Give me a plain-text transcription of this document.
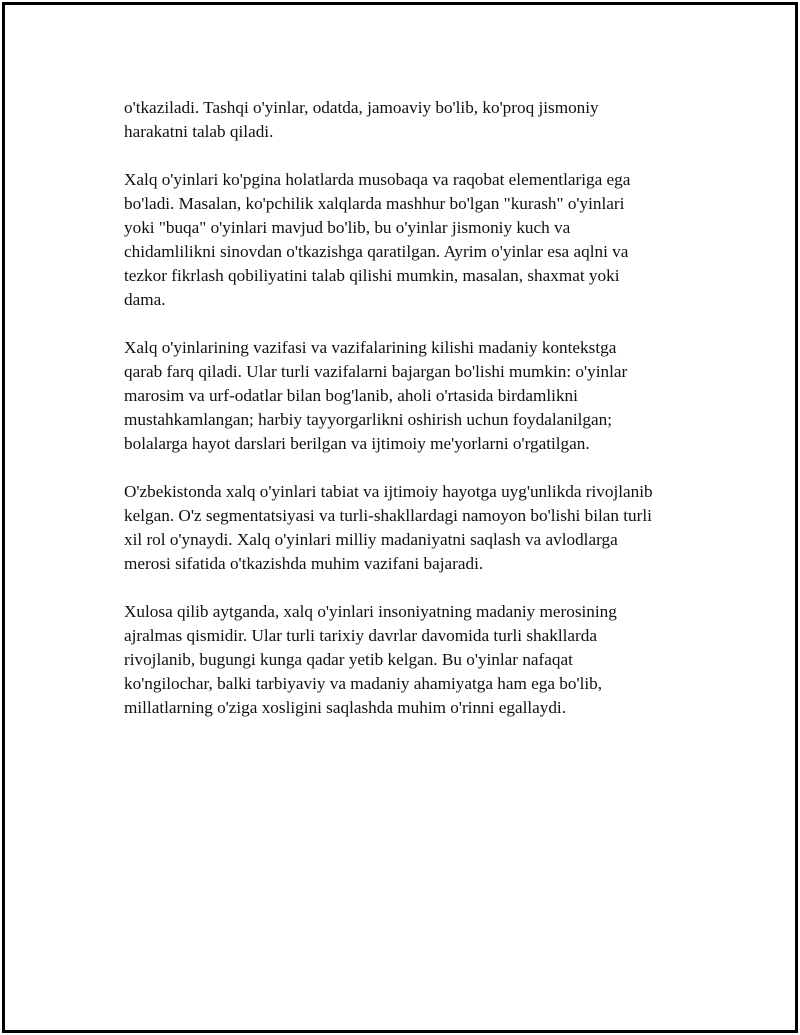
o'tkaziladi. Tashqi o'yinlar, odatda, jamoaviy bo'lib, ko'proq jismoniy
harakatni talab qiladi.

Xalq o'yinlari ko'pgina holatlarda musobaqa va raqobat elementlariga ega
bo'ladi. Masalan, ko'pchilik xalqlarda mashhur bo'lgan "kurash" o'yinlari
yoki "buqa" o'yinlari mavjud bo'lib, bu o'yinlar jismoniy kuch va
chidamlilikni sinovdan o'tkazishga qaratilgan. Ayrim o'yinlar esa aqlni va
tezkor fikrlash qobiliyatini talab qilishi mumkin, masalan, shaxmat yoki
dama.

Xalq o'yinlarining vazifasi va vazifalarining kilishi madaniy kontekstga
qarab farq qiladi. Ular turli vazifalarni bajargan bo'lishi mumkin: o'yinlar
marosim va urf-odatlar bilan bog'lanib, aholi o'rtasida birdamlikni
mustahkamlangan; harbiy tayyorgarlikni oshirish uchun foydalanilgan;
bolalarga hayot darslari berilgan va ijtimoiy me'yorlarni o'rgatilgan.

O'zbekistonda xalq o'yinlari tabiat va ijtimoiy hayotga uyg'unlikda rivojlanib
kelgan. O'z segmentatsiyasi va turli-shakllardagi namoyon bo'lishi bilan turli
xil rol o'ynaydi. Xalq o'yinlari milliy madaniyatni saqlash va avlodlarga
merosi sifatida o'tkazishda muhim vazifani bajaradi.

Xulosa qilib aytganda, xalq o'yinlari insoniyatning madaniy merosining
ajralmas qismidir. Ular turli tarixiy davrlar davomida turli shakllarda
rivojlanib, bugungi kunga qadar yetib kelgan. Bu o'yinlar nafaqat
ko'ngilochar, balki tarbiyaviy va madaniy ahamiyatga ham ega bo'lib,
millatlarning o'ziga xosligini saqlashda muhim o'rinni egallaydi.
